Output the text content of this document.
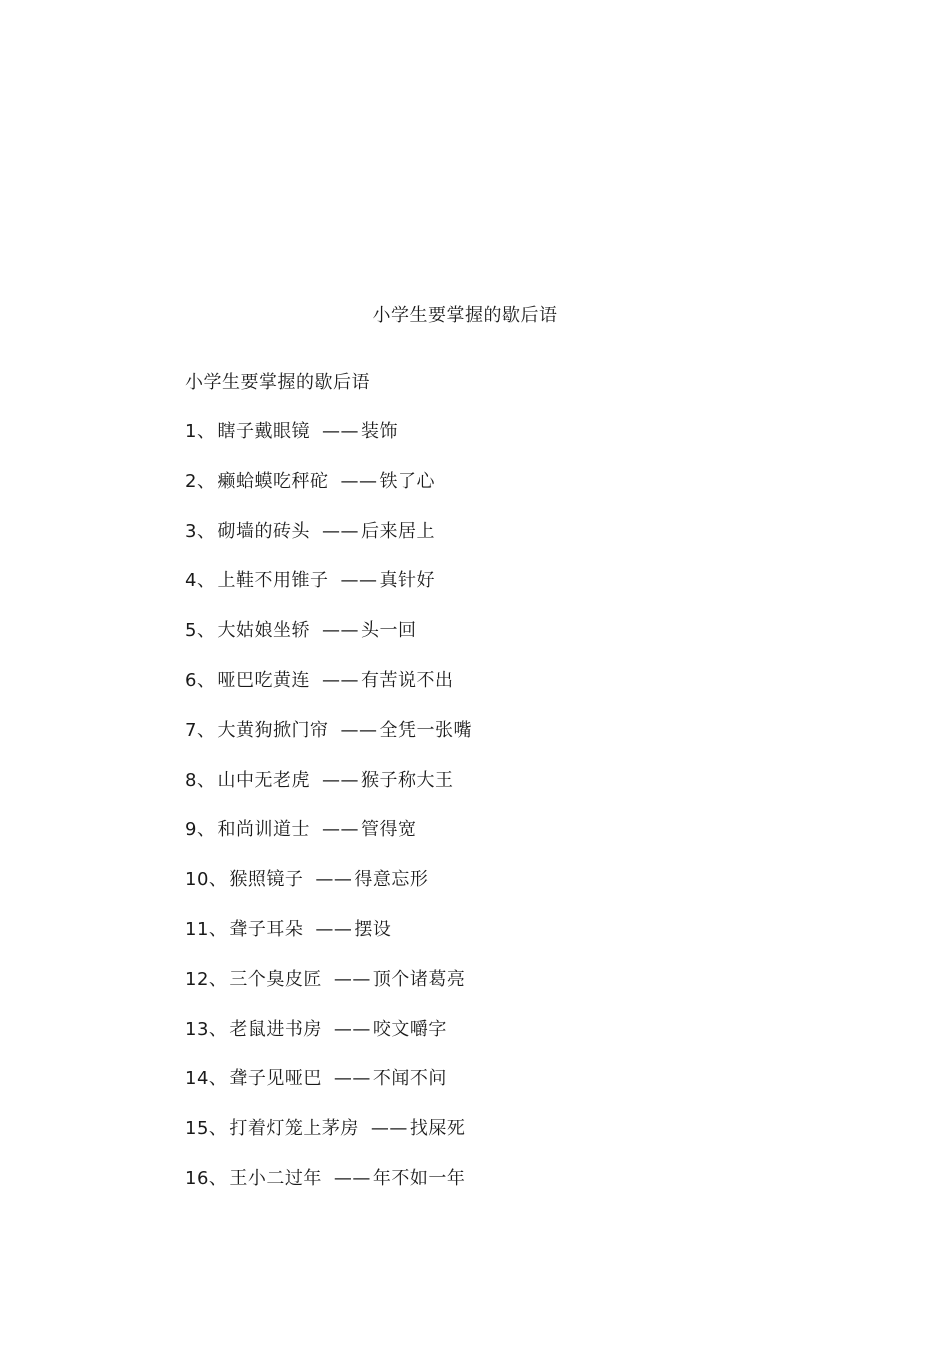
小学生要掌握的歇后语
小学生要掌握的歇后语
1、 瞎子戴眼镜 —— 装饰
2、 癞蛤蟆吃秤砣 —— 铁了心
3、 砌墙的砖头 —— 后来居上
4、 上鞋不用锥子 —— 真针好
5、 大姑娘坐轿 —— 头一回
6、 哑巴吃黄连 —— 有苦说不出
7、 大黄狗掀门帘 —— 全凭一张嘴
8、 山中无老虎 —— 猴子称大王
9、 和尚训道士 —— 管得宽
10、 猴照镜子 —— 得意忘形
11、 聋子耳朵 —— 摆设
12、 三个臭皮匠 —— 顶个诸葛亮
13、 老鼠进书房 —— 咬文嚼字
14、 聋子见哑巴 —— 不闻不问
15、 打着灯笼上茅房 —— 找屎死
16、 王小二过年 —— 年不如一年
